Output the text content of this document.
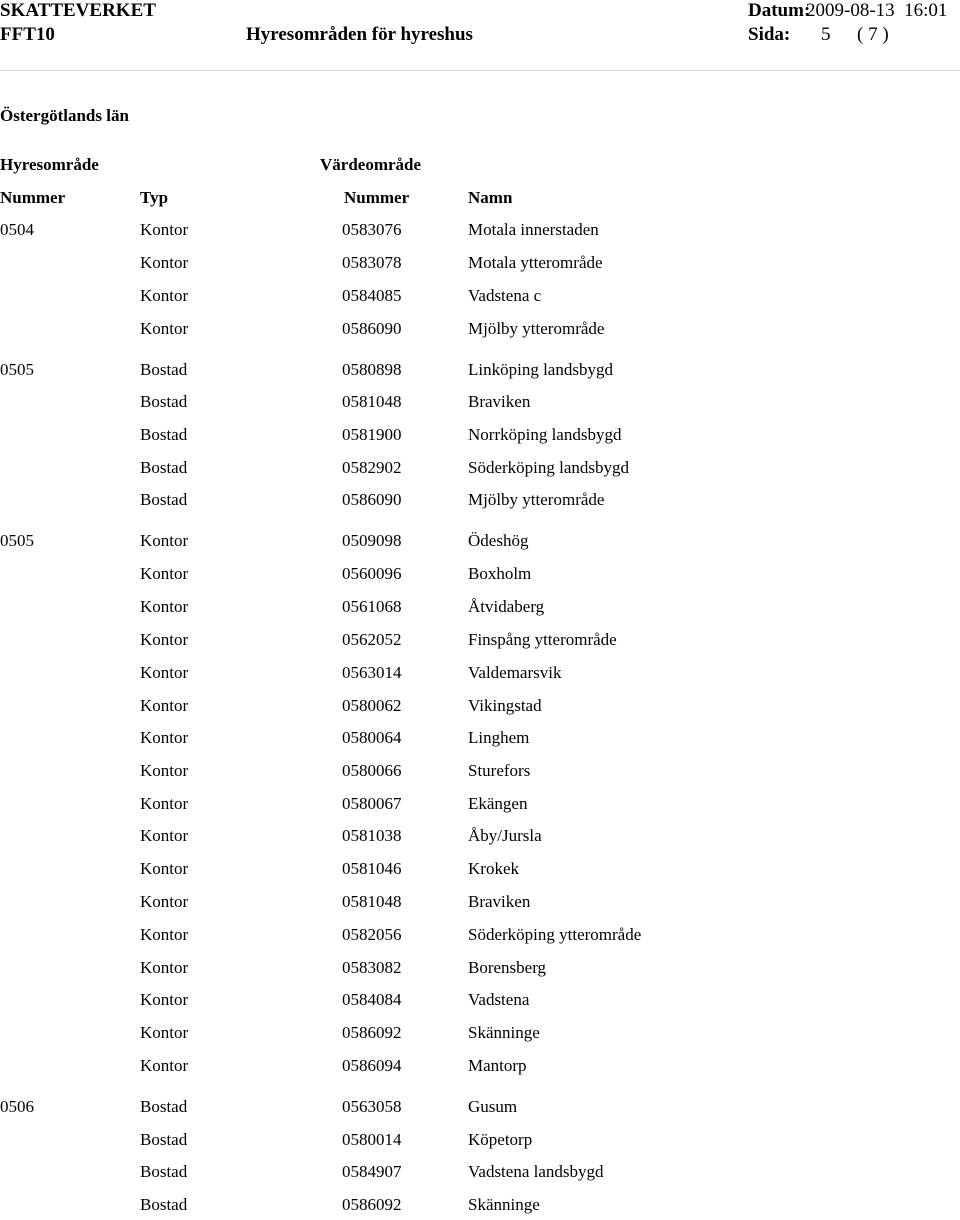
SKATTEVERKET
FFT10	Hyresområden för hyreshus
Datum:
2009-08-13  16:01
Sida: 5 ( 7 )
Östergötlands län
Hyresområde	Värdeområde
Nummer	Typ	Nummer	Namn
0504	Kontor	0583076	Motala innerstaden
Kontor	0583078	Motala ytterområde
Kontor	0584085	Vadstena c
Kontor	0586090	Mjölby ytterområde
0505	Bostad	0580898	Linköping landsbygd
Bostad	0581048	Braviken
Bostad	0581900	Norrköping landsbygd
Bostad	0582902	Söderköping landsbygd
Bostad	0586090	Mjölby ytterområde
0505	Kontor	0509098	Ödeshög
Kontor	0560096	Boxholm
Kontor	0561068	Åtvidaberg
Kontor	0562052	Finspång ytterområde
Kontor	0563014	Valdemarsvik
Kontor	0580062	Vikingstad
Kontor	0580064	Linghem
Kontor	0580066	Sturefors
Kontor	0580067	Ekängen
Kontor	0581038	Åby/Jursla
Kontor	0581046	Krokek
Kontor	0581048	Braviken
Kontor	0582056	Söderköping ytterområde
Kontor	0583082	Borensberg
Kontor	0584084	Vadstena
Kontor	0586092	Skänninge
Kontor	0586094	Mantorp
0506	Bostad	0563058	Gusum
Bostad	0580014	Köpetorp
Bostad	0584907	Vadstena landsbygd
Bostad	0586092	Skänninge
